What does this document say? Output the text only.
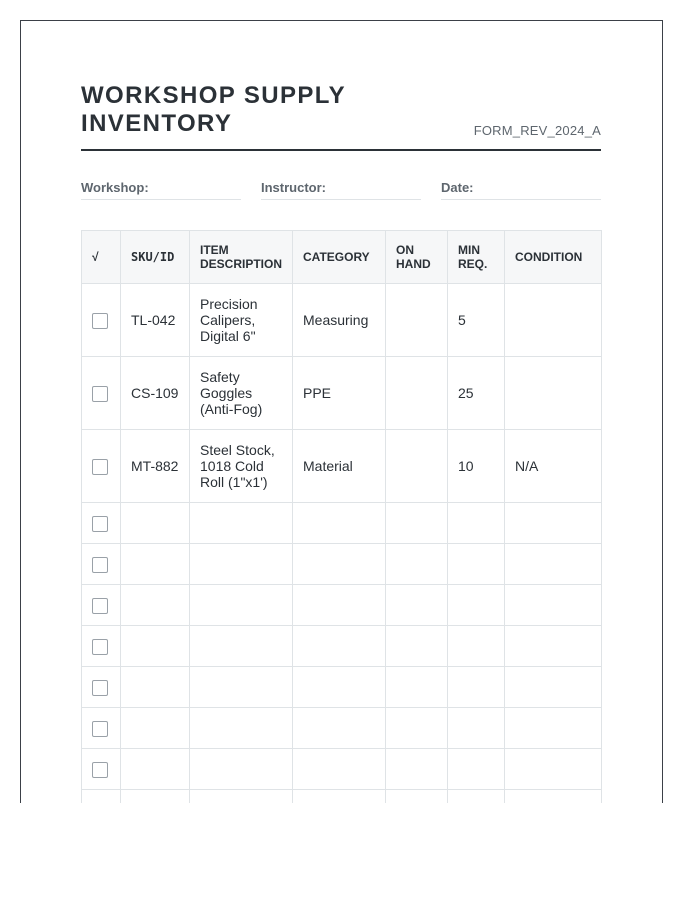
WORKSHOP SUPPLY
INVENTORY	FORM_REV_2024_A
Workshop:	Instructor:	Date:
√	SKU/ID	ITEM DESCRIPTION	CATEGORY	ON HAND	MIN REQ.	CONDITION
	TL-042	Precision Calipers, Digital 6"	Measuring		5	
	CS-109	Safety Goggles (Anti-Fog)	PPE		25	
	MT-882	Steel Stock, 1018 Cold Roll (1"x1')	Material		10	N/A
